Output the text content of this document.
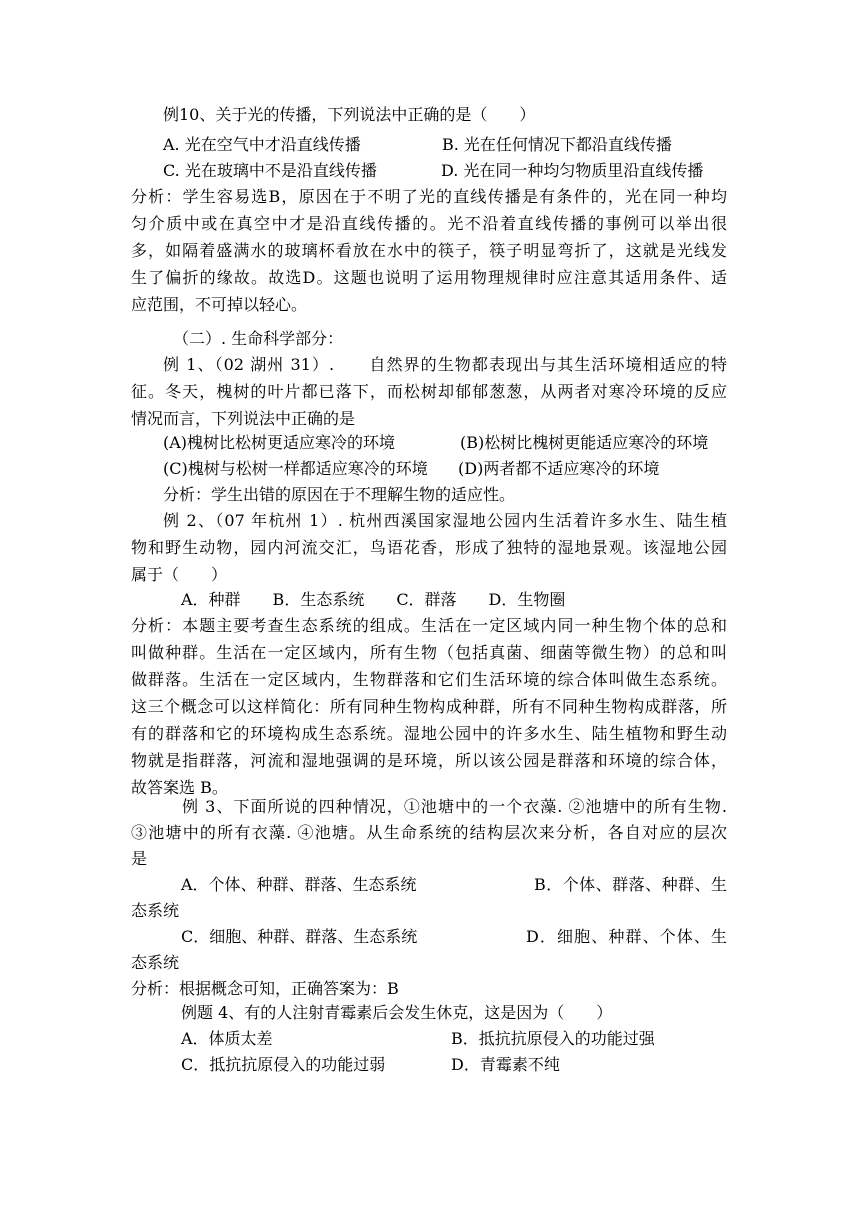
例10、关于光的传播，下列说法中正确的是（　　）
A. 光在空气中才沿直线传播	B. 光在任何情况下都沿直线传播
C. 光在玻璃中不是沿直线传播	D. 光在同一种均匀物质里沿直线传播
分析：学生容易选B，原因在于不明了光的直线传播是有条件的，光在同一种均
匀介质中或在真空中才是沿直线传播的。光不沿着直线传播的事例可以举出很
多，如隔着盛满水的玻璃杯看放在水中的筷子，筷子明显弯折了，这就是光线发
生了偏折的缘故。故选D。这题也说明了运用物理规律时应注意其适用条件、适
应范围，不可掉以轻心。
（二）. 生命科学部分：
例 1、（02 湖州 31）.　　自然界的生物都表现出与其生活环境相适应的特
征。冬天，槐树的叶片都已落下，而松树却郁郁葱葱，从两者对寒冷环境的反应
情况而言，下列说法中正确的是
(A)槐树比松树更适应寒冷的环境	(B)松树比槐树更能适应寒冷的环境
(C)槐树与松树一样都适应寒冷的环境 (D)两者都不适应寒冷的环境
分析：学生出错的原因在于不理解生物的适应性。
例 2、（07 年杭州 1）. 杭州西溪国家湿地公园内生活着许多水生、陆生植
物和野生动物，园内河流交汇，鸟语花香，形成了独特的湿地景观。该湿地公园
属于（　　）
A．种群　　B．生态系统　　C．群落　　D．生物圈
分析：本题主要考查生态系统的组成。生活在一定区域内同一种生物个体的总和
叫做种群。生活在一定区域内，所有生物（包括真菌、细菌等微生物）的总和叫
做群落。生活在一定区域内，生物群落和它们生活环境的综合体叫做生态系统。
这三个概念可以这样简化：所有同种生物构成种群，所有不同种生物构成群落，所
有的群落和它的环境构成生态系统。湿地公园中的许多水生、陆生植物和野生动
物就是指群落，河流和湿地强调的是环境，所以该公园是群落和环境的综合体，
故答案选 B。
例 3、下面所说的四种情况，①池塘中的一个衣藻. ②池塘中的所有生物.
③池塘中的所有衣藻. ④池塘。从生命系统的结构层次来分析，各自对应的层次
是
A．个体、种群、群落、生态系统	B．个体、群落、种群、生
态系统
C．细胞、种群、群落、生态系统	D．细胞、种群、个体、生
态系统
分析：根据概念可知，正确答案为：B
例题 4、有的人注射青霉素后会发生休克，这是因为（　　）
A．体质太差	B．抵抗抗原侵入的功能过强
C．抵抗抗原侵入的功能过弱	D．青霉素不纯
